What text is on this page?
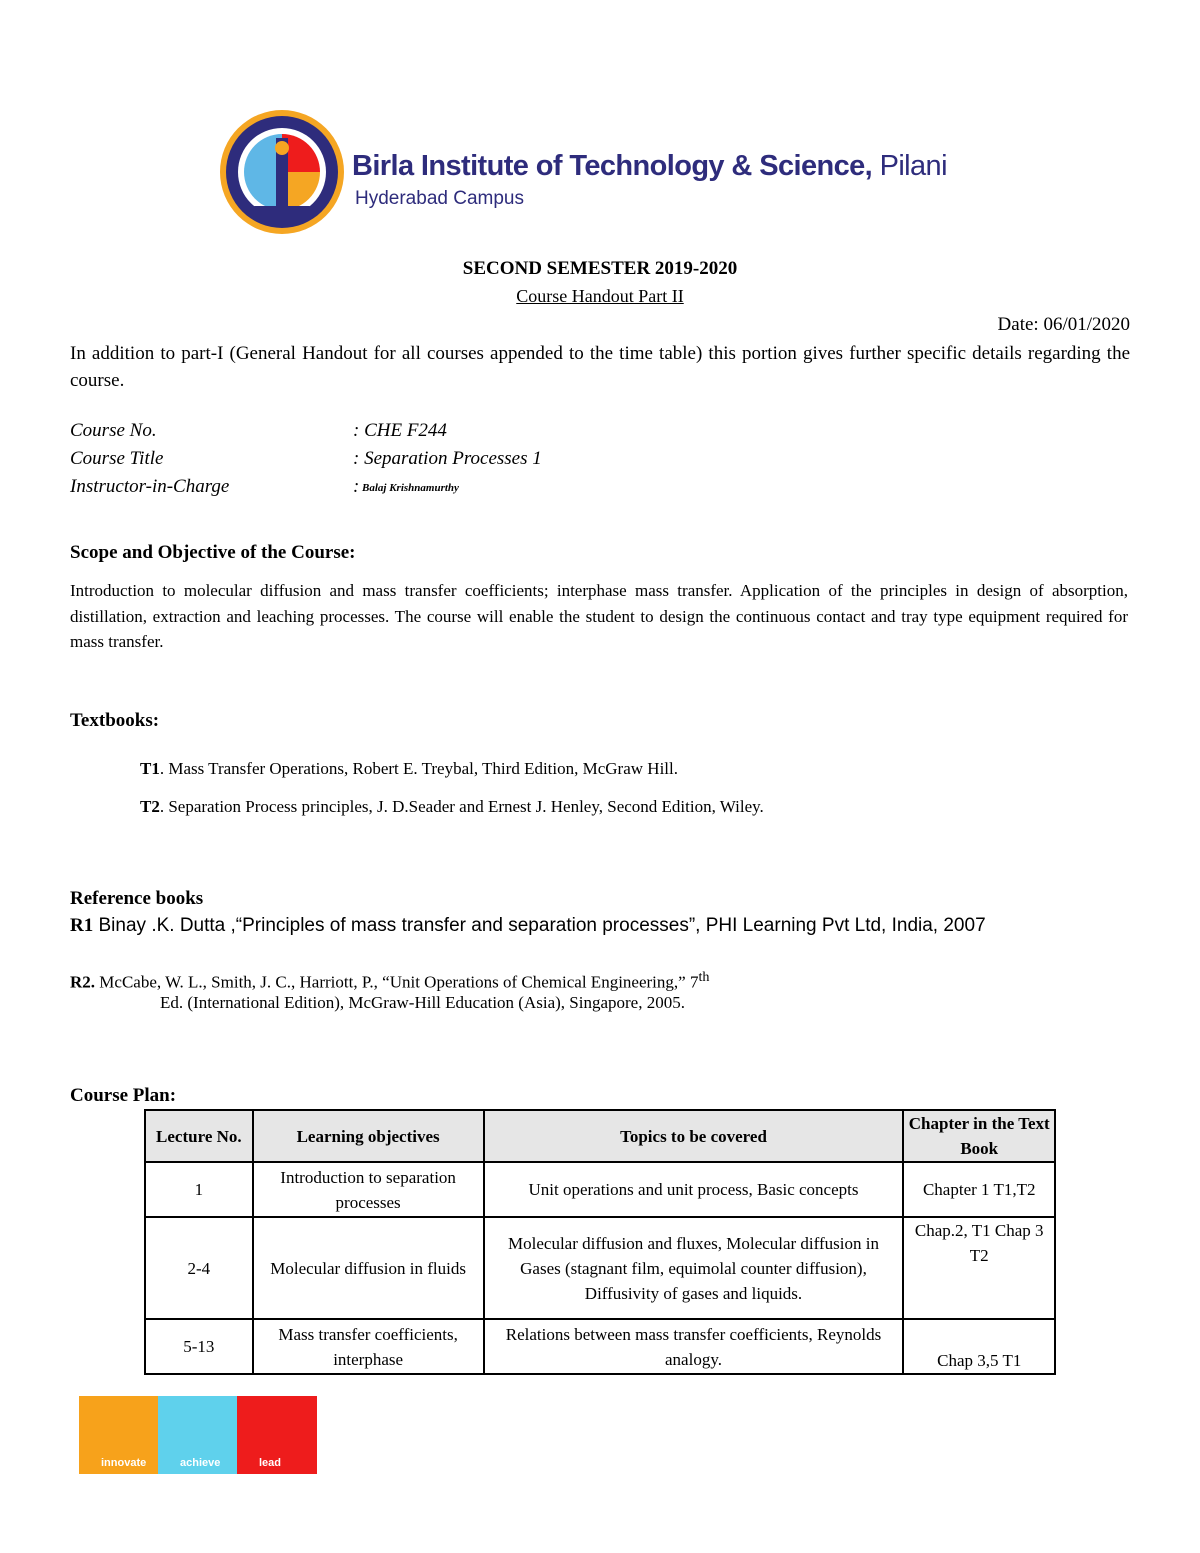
Birla Institute of Technology & Science, Pilani
Hyderabad Campus
SECOND SEMESTER 2019-2020
Course Handout Part II
Date: 06/01/2020
In addition to part-I (General Handout for all courses appended to the time table) this portion gives further specific details regarding the course.
Course No.	: CHE F244
Course Title	: Separation Processes 1
Instructor-in-Charge	: Balaj Krishnamurthy
Scope and Objective of the Course:
Introduction to molecular diffusion and mass transfer coefficients; interphase mass transfer. Application of the principles in design of absorption, distillation, extraction and leaching processes. The course will enable the student to design the continuous contact and tray type equipment required for mass transfer.
Textbooks:
T1. Mass Transfer Operations, Robert E. Treybal, Third Edition, McGraw Hill.
T2. Separation Process principles, J. D.Seader and Ernest J. Henley, Second Edition, Wiley.
Reference books
R1 Binay .K. Dutta ,“Principles of mass transfer and separation processes”, PHI Learning Pvt Ltd, India, 2007
R2. McCabe, W. L., Smith, J. C., Harriott, P., “Unit Operations of Chemical Engineering,” 7th
Ed. (International Edition), McGraw-Hill Education (Asia), Singapore, 2005.
Course Plan:
Lecture No.	Learning objectives	Topics to be covered	Chapter in the Text Book
1	Introduction to separation processes	Unit operations and unit process, Basic concepts	Chapter 1 T1,T2
2-4	Molecular diffusion in fluids	Molecular diffusion and fluxes, Molecular diffusion in Gases (stagnant film, equimolal counter diffusion), Diffusivity of gases and liquids.	Chap.2, T1 Chap 3 T2
5-13	Mass transfer coefficients, interphase	Relations between mass transfer coefficients, Reynolds analogy.	Chap 3,5 T1
innovate	achieve	lead
